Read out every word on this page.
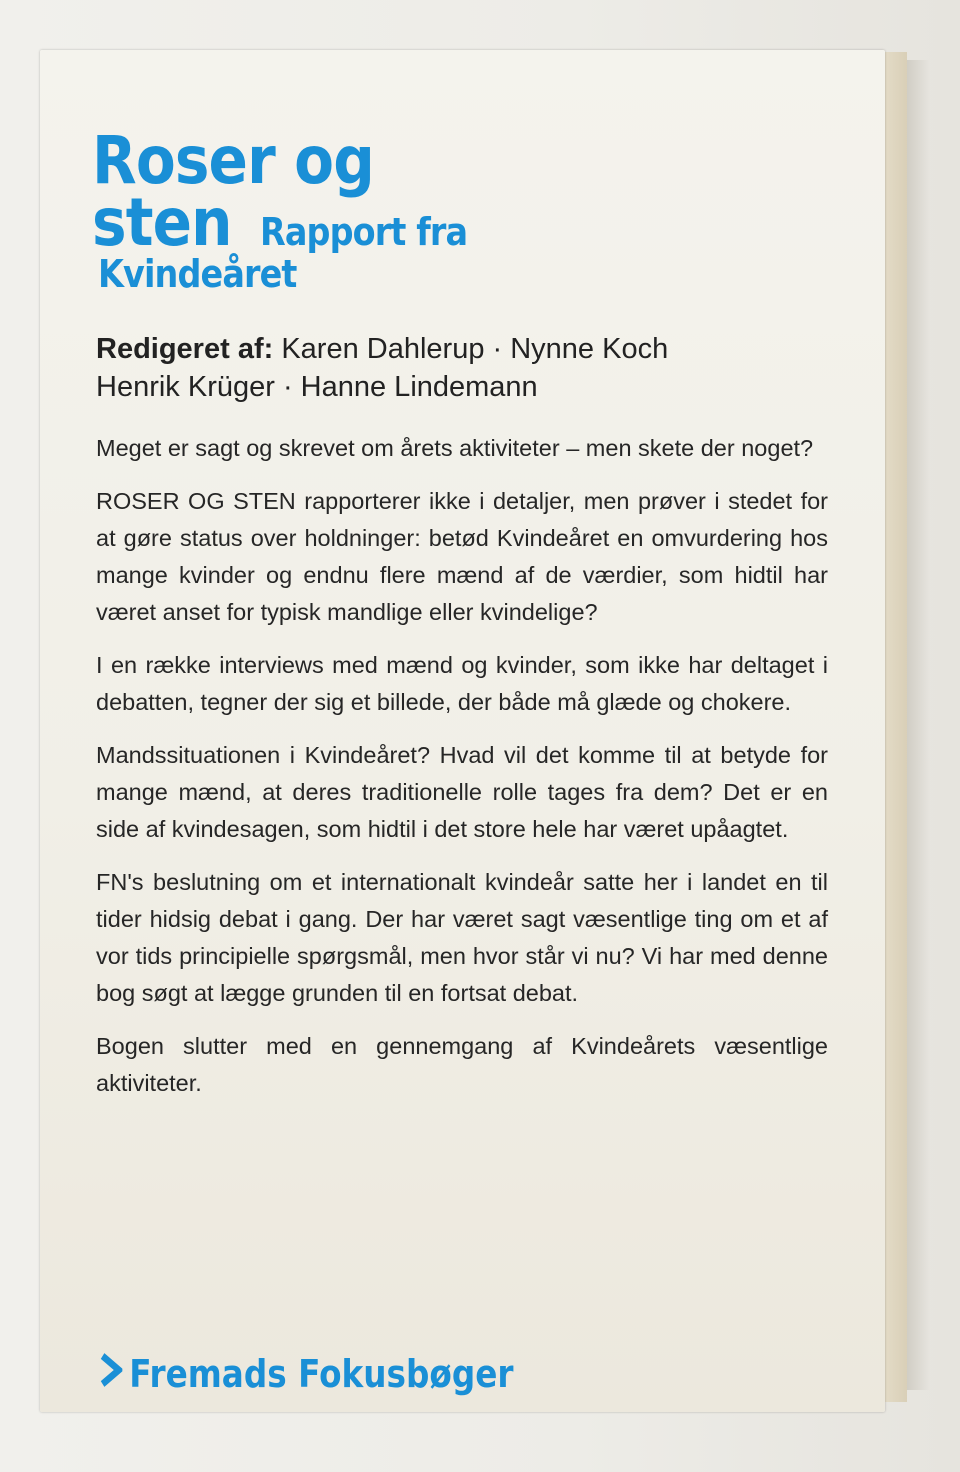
Roser og
sten Rapport fra
Kvindeåret
Redigeret af: Karen Dahlerup · Nynne Koch
Henrik Krüger · Hanne Lindemann

Meget er sagt og skrevet om årets aktiviteter – men skete der noget?

ROSER OG STEN rapporterer ikke i detaljer, men prøver i stedet for at gøre status over holdninger: betød Kvindeåret en omvurdering hos mange kvinder og endnu flere mænd af de værdier, som hidtil har været anset for typisk mandlige eller kvindelige?

I en række interviews med mænd og kvinder, som ikke har deltaget i debatten, tegner der sig et billede, der både må glæde og chokere.

Mandssituationen i Kvindeåret? Hvad vil det komme til at betyde for mange mænd, at deres traditionelle rolle tages fra dem? Det er en side af kvindesagen, som hidtil i det store hele har været upåagtet.

FN's beslutning om et internationalt kvindeår satte her i landet en til tider hidsig debat i gang. Der har været sagt væsentlige ting om et af vor tids principielle spørgsmål, men hvor står vi nu? Vi har med denne bog søgt at lægge grunden til en fortsat debat.

Bogen slutter med en gennemgang af Kvindeårets væsentlige aktiviteter.

Fremads Fokusbøger
